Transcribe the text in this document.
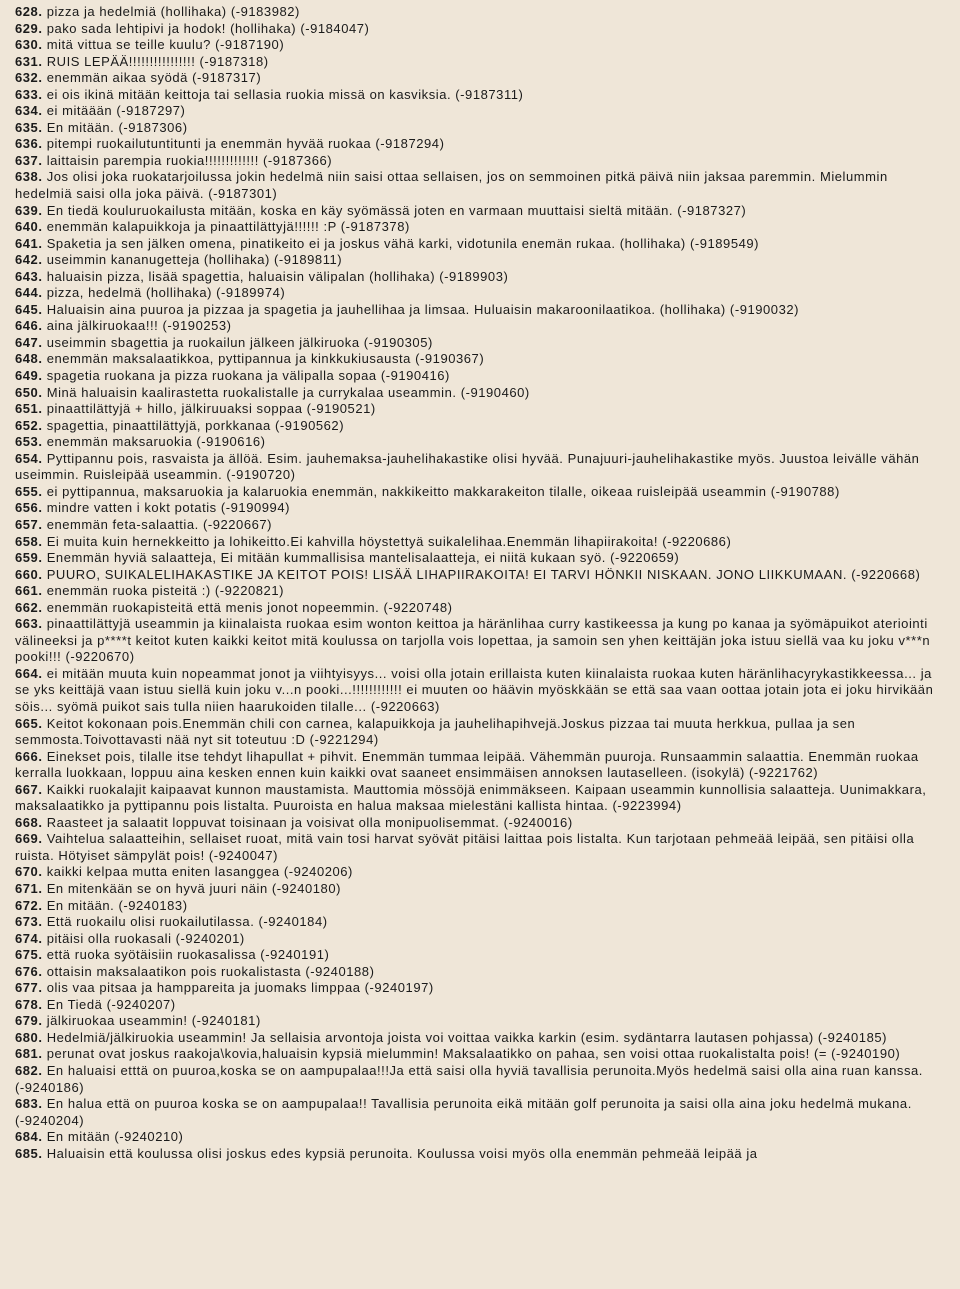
628. pizza ja hedelmiä (hollihaka) (-9183982)
629. pako sada lehtipivi ja hodok! (hollihaka) (-9184047)
630. mitä vittua se teille kuulu? (-9187190)
631. RUIS LEPÄÄ!!!!!!!!!!!!!!!! (-9187318)
632. enemmän aikaa syödä (-9187317)
633. ei ois ikinä mitään keittoja tai sellasia ruokia missä on kasviksia. (-9187311)
634. ei mitäään (-9187297)
635. En mitään. (-9187306)
636. pitempi ruokailutuntitunti ja enemmän hyvää ruokaa (-9187294)
637. laittaisin parempia ruokia!!!!!!!!!!!!! (-9187366)
638. Jos olisi joka ruokatarjoilussa jokin hedelmä niin saisi ottaa sellaisen, jos on semmoinen pitkä päivä niin jaksaa paremmin. Mielummin hedelmiä saisi olla joka päivä. (-9187301)
639. En tiedä kouluruokailusta mitään, koska en käy syömässä joten en varmaan muuttaisi sieltä mitään. (-9187327)
640. enemmän kalapuikkoja ja pinaattilättyjä!!!!!! :P (-9187378)
641. Spaketia ja sen jälken omena, pinatikeito ei ja joskus vähä karki, vidotunila enemän rukaa. (hollihaka) (-9189549)
642. useimmin kananugetteja (hollihaka) (-9189811)
643. haluaisin pizza, lisää spagettia, haluaisin välipalan (hollihaka) (-9189903)
644. pizza, hedelmä (hollihaka) (-9189974)
645. Haluaisin aina puuroa ja pizzaa ja spagetia ja jauhellihaa ja limsaa. Huluaisin makaroonilaatikoa. (hollihaka) (-9190032)
646. aina jälkiruokaa!!! (-9190253)
647. useimmin sbagettia ja ruokailun jälkeen jälkiruoka (-9190305)
648. enemmän maksalaatikkoa, pyttipannua ja kinkkukiusausta (-9190367)
649. spagetia ruokana ja pizza ruokana ja välipalla sopaa (-9190416)
650. Minä haluaisin kaalirastetta ruokalistalle ja currykalaa useammin. (-9190460)
651. pinaattilättyjä + hillo, jälkiruuaksi soppaa (-9190521)
652. spagettia, pinaattilättyjä, porkkanaa (-9190562)
653. enemmän maksaruokia (-9190616)
654. Pyttipannu pois, rasvaista ja ällöä. Esim. jauhemaksa-jauhelihakastike olisi hyvää. Punajuuri-jauhelihakastike myös. Juustoa leivälle vähän useimmin. Ruisleipää useammin. (-9190720)
655. ei pyttipannua, maksaruokia ja kalaruokia enemmän, nakkikeitto makkarakeiton tilalle, oikeaa ruisleipää useammin (-9190788)
656. mindre vatten i kokt potatis (-9190994)
657. enemmän feta-salaattia. (-9220667)
658. Ei muita kuin hernekkeitto ja lohikeitto.Ei kahvilla höystettyä suikalelihaa.Enemmän lihapiirakoita! (-9220686)
659. Enemmän hyviä salaatteja, Ei mitään kummallisisa mantelisalaatteja, ei niitä kukaan syö. (-9220659)
660. PUURO, SUIKALELIHAKASTIKE JA KEITOT POIS! LISÄÄ LIHAPIIRAKOITA! EI TARVI HÖNKII NISKAAN. JONO LIIKKUMAAN. (-9220668)
661. enemmän ruoka pisteitä :) (-9220821)
662. enemmän ruokapisteitä että menis jonot nopeemmin. (-9220748)
663. pinaattilättyjä useammin ja kiinalaista ruokaa esim wonton keittoa ja häränlihaa curry kastikeessa ja kung po kanaa ja syömäpuikot ateriointi välineeksi ja p****t keitot kuten kaikki keitot mitä koulussa on tarjolla vois lopettaa, ja samoin sen yhen keittäjän joka istuu siellä vaa ku joku v***n pooki!!! (-9220670)
664. ei mitään muuta kuin nopeammat jonot ja viihtyisyys... voisi olla jotain erillaista kuten kiinalaista ruokaa kuten häränlihacyrykastikkeessa... ja se yks keittäjä vaan istuu siellä kuin joku v...n pooki...!!!!!!!!!!!! ei muuten oo häävin myöskkään se että saa vaan oottaa jotain jota ei joku hirvikään söis... syömä puikot sais tulla niien haarukoiden tilalle... (-9220663)
665. Keitot kokonaan pois.Enemmän chili con carnea, kalapuikkoja ja jauhelihapihvejä.Joskus pizzaa tai muuta herkkua, pullaa ja sen semmosta.Toivottavasti nää nyt sit toteutuu :D (-9221294)
666. Einekset pois, tilalle itse tehdyt lihapullat + pihvit. Enemmän tummaa leipää. Vähemmän puuroja. Runsaammin salaattia. Enemmän ruokaa kerralla luokkaan, loppuu aina kesken ennen kuin kaikki ovat saaneet ensimmäisen annoksen lautaselleen. (isokylä) (-9221762)
667. Kaikki ruokalajit kaipaavat kunnon maustamista. Mauttomia mössöjä enimmäkseen. Kaipaan useammin kunnollisia salaatteja. Uunimakkara, maksalaatikko ja pyttipannu pois listalta. Puuroista en halua maksaa mielestäni kallista hintaa. (-9223994)
668. Raasteet ja salaatit loppuvat toisinaan ja voisivat olla monipuolisemmat. (-9240016)
669. Vaihtelua salaatteihin, sellaiset ruoat, mitä vain tosi harvat syövät pitäisi laittaa pois listalta. Kun tarjotaan pehmeää leipää, sen pitäisi olla ruista. Hötyiset sämpylät pois! (-9240047)
670. kaikki kelpaa mutta eniten lasanggea (-9240206)
671. En mitenkään se on hyvä juuri näin (-9240180)
672. En mitään. (-9240183)
673. Että ruokailu olisi ruokailutilassa. (-9240184)
674. pitäisi olla ruokasali (-9240201)
675. että ruoka syötäisiin ruokasalissa (-9240191)
676. ottaisin maksalaatikon pois ruokalistasta (-9240188)
677. olis vaa pitsaa ja hamppareita ja juomaks limppaa (-9240197)
678. En Tiedä (-9240207)
679. jälkiruokaa useammin! (-9240181)
680. Hedelmiä/jälkiruokia useammin! Ja sellaisia arvontoja joista voi voittaa vaikka karkin (esim. sydäntarra lautasen pohjassa) (-9240185)
681. perunat ovat joskus raakoja\kovia,haluaisin kypsiä mielummin! Maksalaatikko on pahaa, sen voisi ottaa ruokalistalta pois! (= (-9240190)
682. En haluaisi etttä on puuroa,koska se on aampupalaa!!!Ja että saisi olla hyviä tavallisia perunoita.Myös hedelmä saisi olla aina ruan kanssa. (-9240186)
683. En halua että on puuroa koska se on aampupalaa!! Tavallisia perunoita eikä mitään golf perunoita ja saisi olla aina joku hedelmä mukana. (-9240204)
684. En mitään (-9240210)
685. Haluaisin että koulussa olisi joskus edes kypsiä perunoita. Koulussa voisi myös olla enemmän pehmeää leipää ja
